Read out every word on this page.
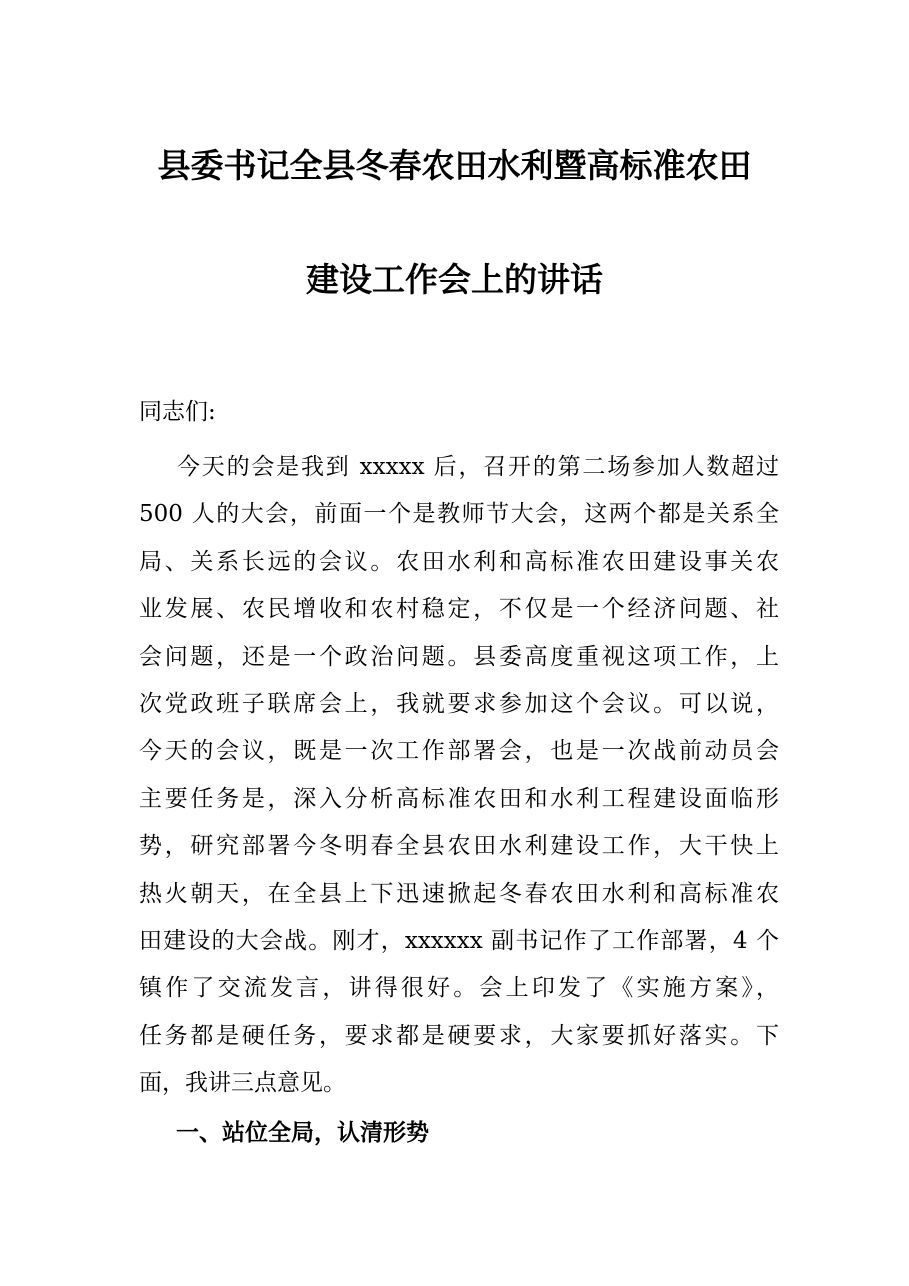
县委书记全县冬春农田水利暨高标准农田
建设工作会上的讲话
同志们:
今天的会是我到 xxxxx 后，召开的第二场参加人数超过
500 人的大会，前面一个是教师节大会，这两个都是关系全
局、关系长远的会议。农田水利和高标准农田建设事关农
业发展、农民增收和农村稳定，不仅是一个经济问题、社
会问题，还是一个政治问题。县委高度重视这项工作，上
次党政班子联席会上，我就要求参加这个会议。可以说，
今天的会议，既是一次工作部署会，也是一次战前动员会
主要任务是，深入分析高标准农田和水利工程建设面临形
势，研究部署今冬明春全县农田水利建设工作，大干快上
热火朝天，在全县上下迅速掀起冬春农田水利和高标准农
田建设的大会战。刚才，xxxxxx 副书记作了工作部署，4 个
镇作了交流发言，讲得很好。会上印发了《实施方案》，
任务都是硬任务，要求都是硬要求，大家要抓好落实。下
面，我讲三点意见。
一、站位全局，认清形势
